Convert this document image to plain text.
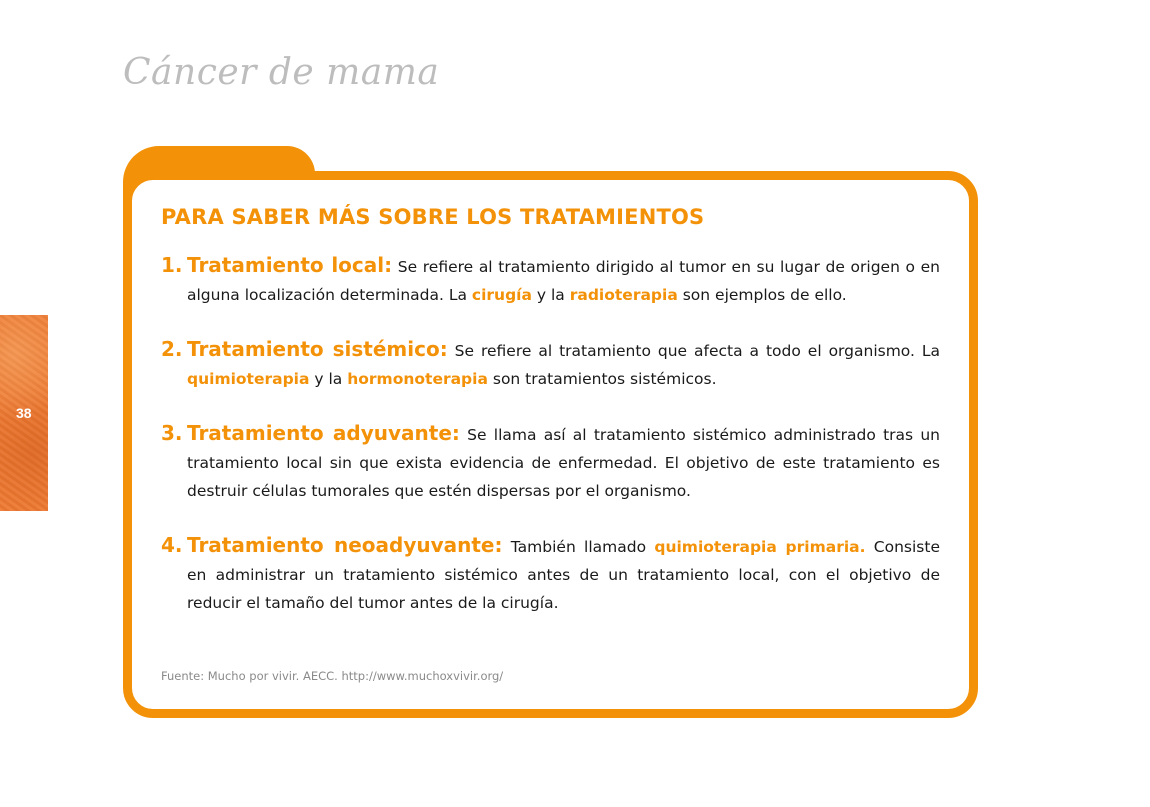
Cáncer de mama
38
PARA SABER MÁS SOBRE LOS TRATAMIENTOS
1. Tratamiento local: Se refiere al tratamiento dirigido al tumor en su lugar de origen o en alguna localización determinada. La cirugía y la radioterapia son ejemplos de ello.
2. Tratamiento sistémico: Se refiere al tratamiento que afecta a todo el organismo. La quimioterapia y la hormonoterapia son tratamientos sistémicos.
3. Tratamiento adyuvante: Se llama así al tratamiento sistémico administrado tras un tratamiento local sin que exista evidencia de enfermedad. El objetivo de este tratamiento es destruir células tumorales que estén dispersas por el organismo.
4. Tratamiento neoadyuvante: También llamado quimioterapia primaria. Consiste en administrar un tratamiento sistémico antes de un tratamiento local, con el objetivo de reducir el tamaño del tumor antes de la cirugía.
Fuente: Mucho por vivir. AECC. http://www.muchoxvivir.org/
